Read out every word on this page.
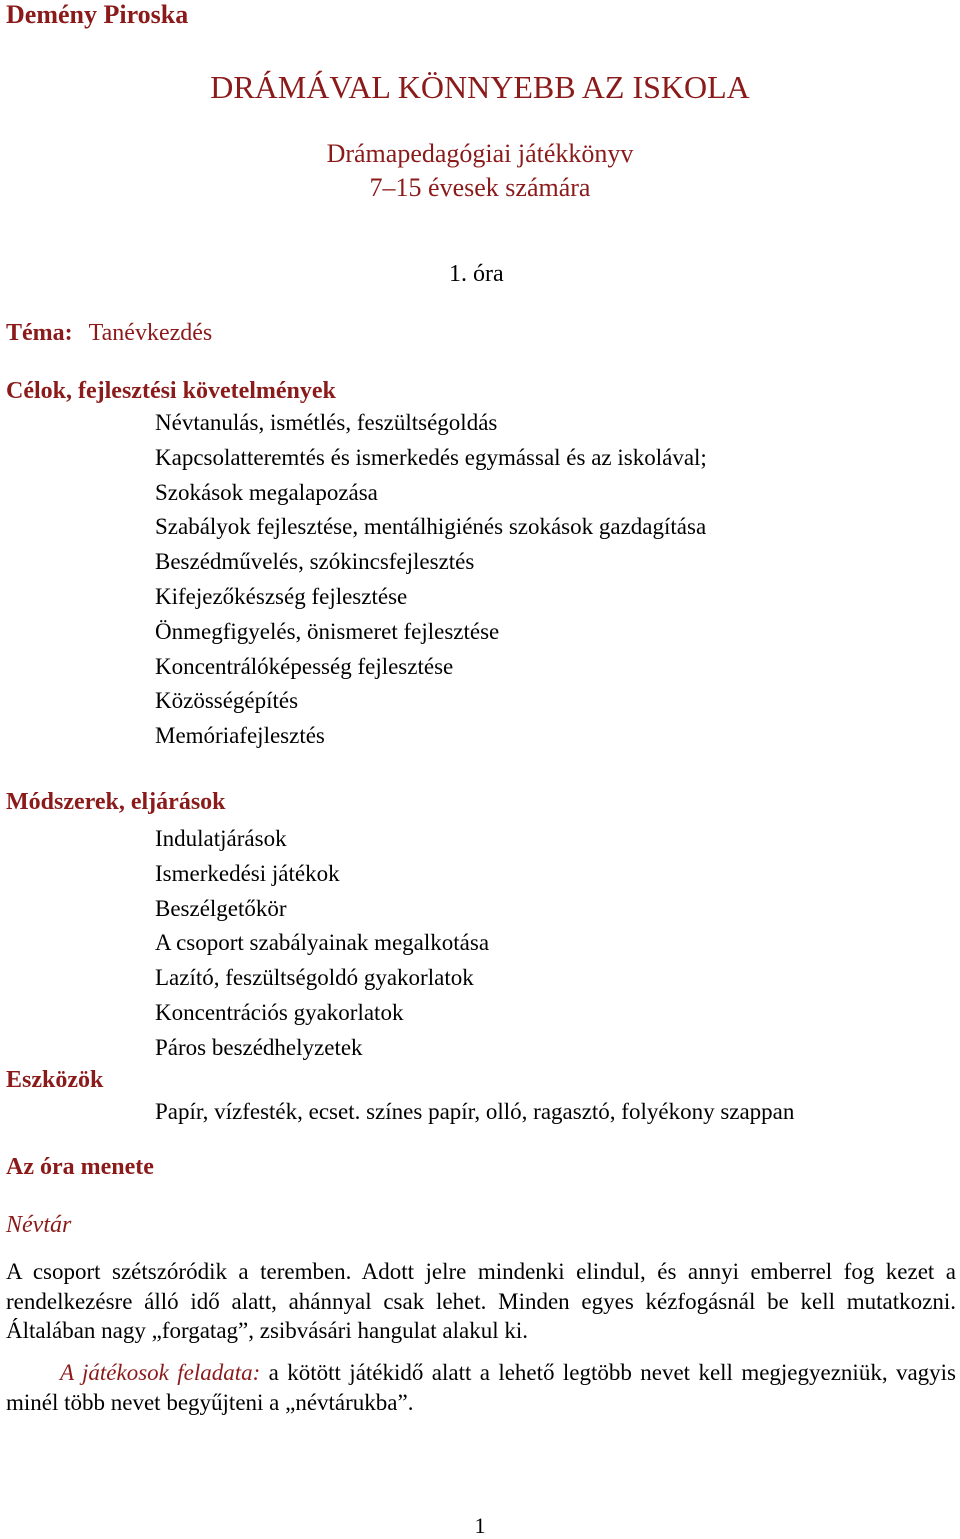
Demény Piroska
DRÁMÁVAL KÖNNYEBB AZ ISKOLA
Drámapedagógiai játékkönyv
7–15 évesek számára
1. óra
Téma: Tanévkezdés
Célok, fejlesztési követelmények
Névtanulás, ismétlés, feszültségoldás
Kapcsolatteremtés és ismerkedés egymással és az iskolával;
Szokások megalapozása
Szabályok fejlesztése, mentálhigiénés szokások gazdagítása
Beszédművelés, szókincsfejlesztés
Kifejezőkészség fejlesztése
Önmegfigyelés, önismeret fejlesztése
Koncentrálóképesség fejlesztése
Közösségépítés
Memóriafejlesztés
Módszerek, eljárások
Indulatjárások
Ismerkedési játékok
Beszélgetőkör
A csoport szabályainak megalkotása
Lazító, feszültségoldó gyakorlatok
Koncentrációs gyakorlatok
Páros beszédhelyzetek
Eszközök
Papír, vízfesték, ecset. színes papír, olló, ragasztó, folyékony szappan
Az óra menete
Névtár

A csoport szétszóródik a teremben. Adott jelre mindenki elindul, és annyi emberrel fog kezet a rendelkezésre álló idő alatt, ahánnyal csak lehet. Minden egyes kézfogásnál be kell mutatkozni. Általában nagy „forgatag”, zsibvásári hangulat alakul ki.

A játékosok feladata: a kötött játékidő alatt a lehető legtöbb nevet kell megjegyezniük, vagyis minél több nevet begyűjteni a „névtárukba”.

1
